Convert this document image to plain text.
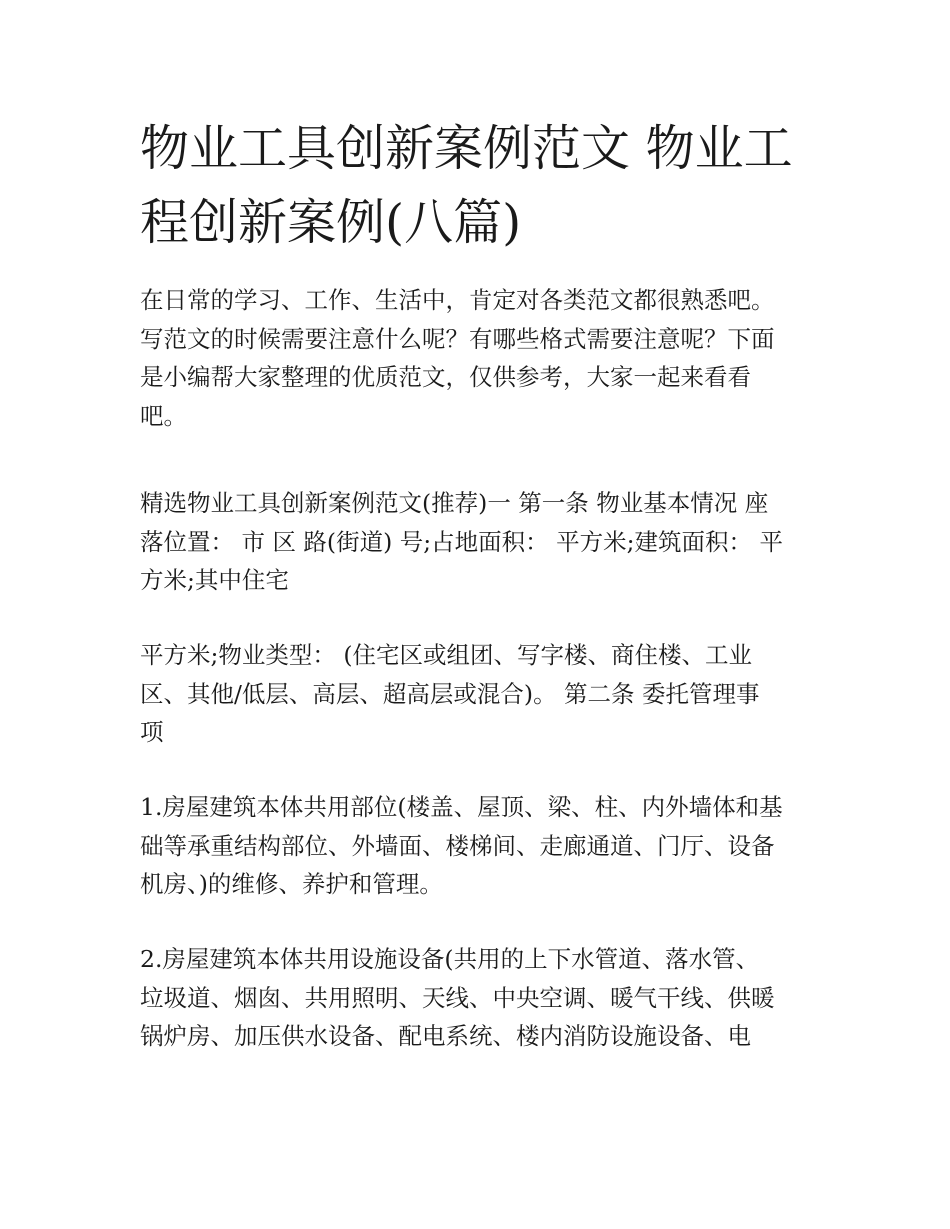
物业工具创新案例范文 物业工
程创新案例(八篇)

在日常的学习、工作、生活中，肯定对各类范文都很熟悉吧。
写范文的时候需要注意什么呢？有哪些格式需要注意呢？下面
是小编帮大家整理的优质范文，仅供参考，大家一起来看看
吧。

精选物业工具创新案例范文(推荐)一 第一条 物业基本情况 座
落位置： 市 区 路(街道) 号;占地面积： 平方米;建筑面积： 平
方米;其中住宅

平方米;物业类型： (住宅区或组团、写字楼、商住楼、工业
区、其他/低层、高层、超高层或混合)。 第二条 委托管理事
项

1.房屋建筑本体共用部位(楼盖、屋顶、梁、柱、内外墙体和基
础等承重结构部位、外墙面、楼梯间、走廊通道、门厅、设备
机房、)的维修、养护和管理。

2.房屋建筑本体共用设施设备(共用的上下水管道、落水管、
垃圾道、烟囱、共用照明、天线、中央空调、暖气干线、供暖
锅炉房、加压供水设备、配电系统、楼内消防设施设备、电
